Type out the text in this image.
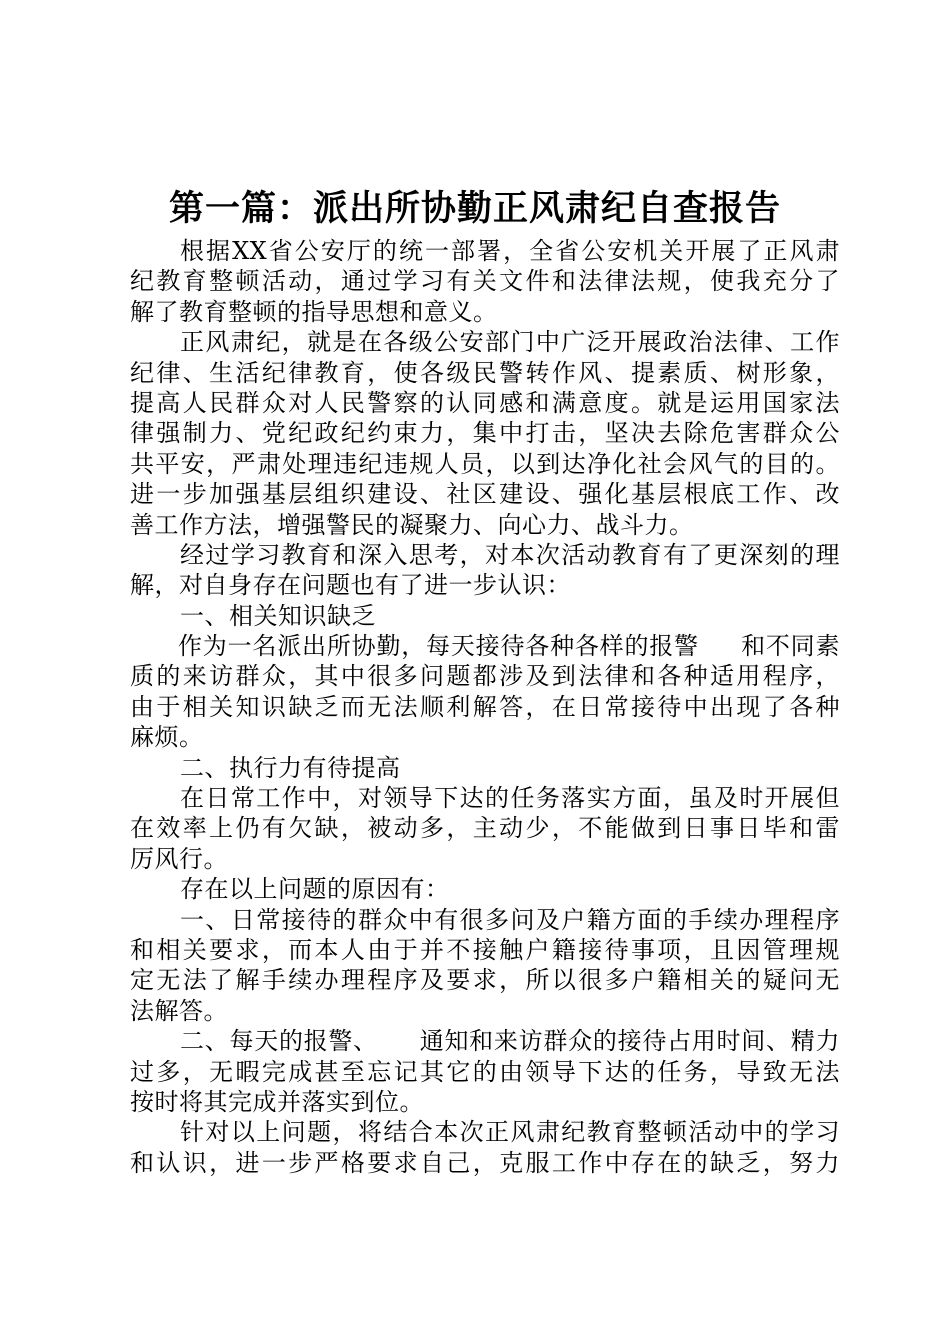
第一篇：派出所协勤正风肃纪自查报告
根据XX省公安厅的统一部署，全省公安机关开展了正风肃
纪教育整顿活动，通过学习有关文件和法律法规，使我充分了
解了教育整顿的指导思想和意义。
正风肃纪，就是在各级公安部门中广泛开展政治法律、工作
纪律、生活纪律教育，使各级民警转作风、提素质、树形象，
提高人民群众对人民警察的认同感和满意度。就是运用国家法
律强制力、党纪政纪约束力，集中打击，坚决去除危害群众公
共平安，严肃处理违纪违规人员，以到达净化社会风气的目的。
进一步加强基层组织建设、社区建设、强化基层根底工作、改
善工作方法，增强警民的凝聚力、向心力、战斗力。
经过学习教育和深入思考，对本次活动教育有了更深刻的理
解，对自身存在问题也有了进一步认识：
一、相关知识缺乏
作为一名派出所协勤，每天接待各种各样的报警     和不同素
质的来访群众，其中很多问题都涉及到法律和各种适用程序，
由于相关知识缺乏而无法顺利解答，在日常接待中出现了各种
麻烦。
二、执行力有待提高
在日常工作中，对领导下达的任务落实方面，虽及时开展但
在效率上仍有欠缺，被动多，主动少，不能做到日事日毕和雷
厉风行。
存在以上问题的原因有：
一、日常接待的群众中有很多问及户籍方面的手续办理程序
和相关要求，而本人由于并不接触户籍接待事项，且因管理规
定无法了解手续办理程序及要求，所以很多户籍相关的疑问无
法解答。
二、每天的报警、     通知和来访群众的接待占用时间、精力
过多，无暇完成甚至忘记其它的由领导下达的任务，导致无法
按时将其完成并落实到位。
针对以上问题，将结合本次正风肃纪教育整顿活动中的学习
和认识，进一步严格要求自己，克服工作中存在的缺乏，努力
